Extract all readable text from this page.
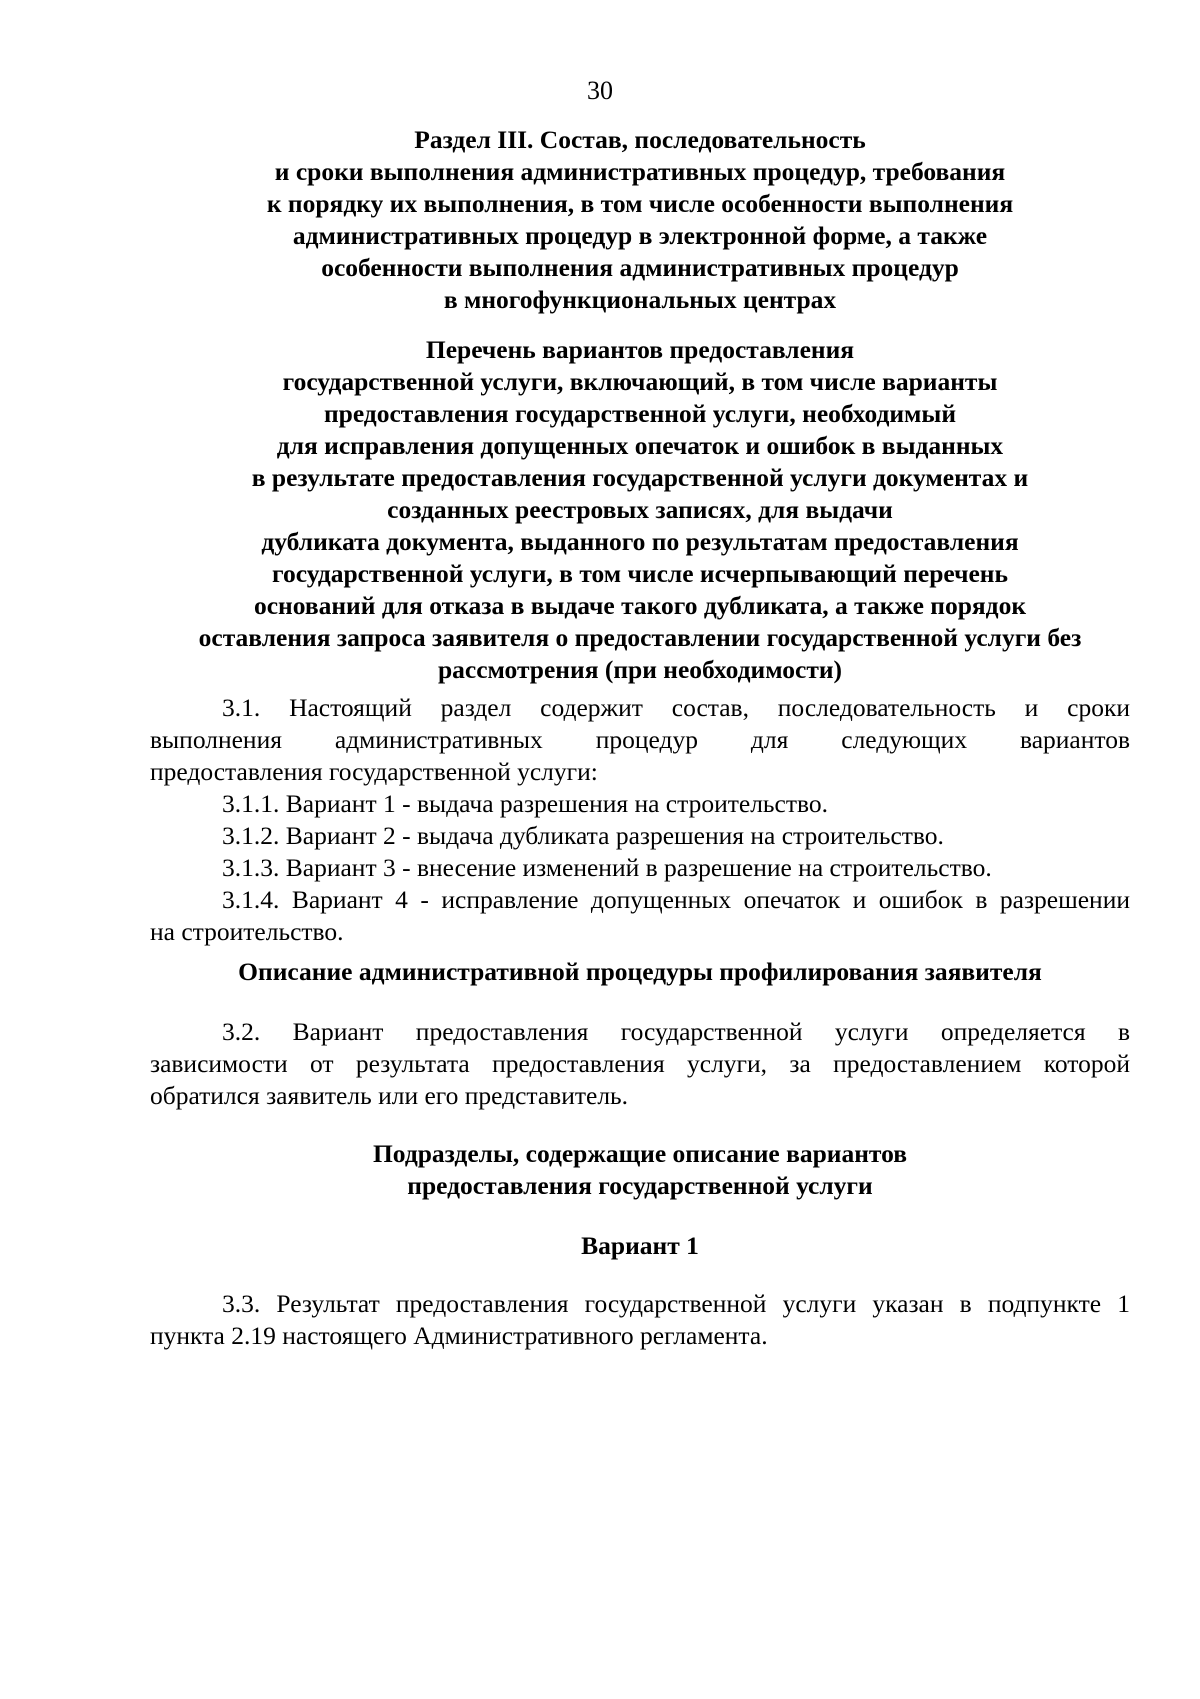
30
Раздел III. Состав, последовательность
и сроки выполнения административных процедур, требования
к порядку их выполнения, в том числе особенности выполнения
административных процедур в электронной форме, а также
особенности выполнения административных процедур
в многофункциональных центрах
Перечень вариантов предоставления
государственной услуги, включающий, в том числе варианты
предоставления государственной услуги, необходимый
для исправления допущенных опечаток и ошибок в выданных
в результате предоставления государственной услуги документах и
созданных реестровых записях, для выдачи
дубликата документа, выданного по результатам предоставления
государственной услуги, в том числе исчерпывающий перечень
оснований для отказа в выдаче такого дубликата, а также порядок
оставления запроса заявителя о предоставлении государственной услуги без
рассмотрения (при необходимости)
3.1. Настоящий раздел содержит состав, последовательность и сроки
выполнения административных процедур для следующих вариантов
предоставления государственной услуги:

3.1.1. Вариант 1 - выдача разрешения на строительство.

3.1.2. Вариант 2 - выдача дубликата разрешения на строительство.

3.1.3. Вариант 3 - внесение изменений в разрешение на строительство.

3.1.4. Вариант 4 - исправление допущенных опечаток и ошибок в разрешении
на строительство.
Описание административной процедуры профилирования заявителя
3.2. Вариант предоставления государственной услуги определяется в
зависимости от результата предоставления услуги, за предоставлением которой
обратился заявитель или его представитель.
Подразделы, содержащие описание вариантов
предоставления государственной услуги
Вариант 1
3.3. Результат предоставления государственной услуги указан в подпункте 1
пункта 2.19 настоящего Административного регламента.
